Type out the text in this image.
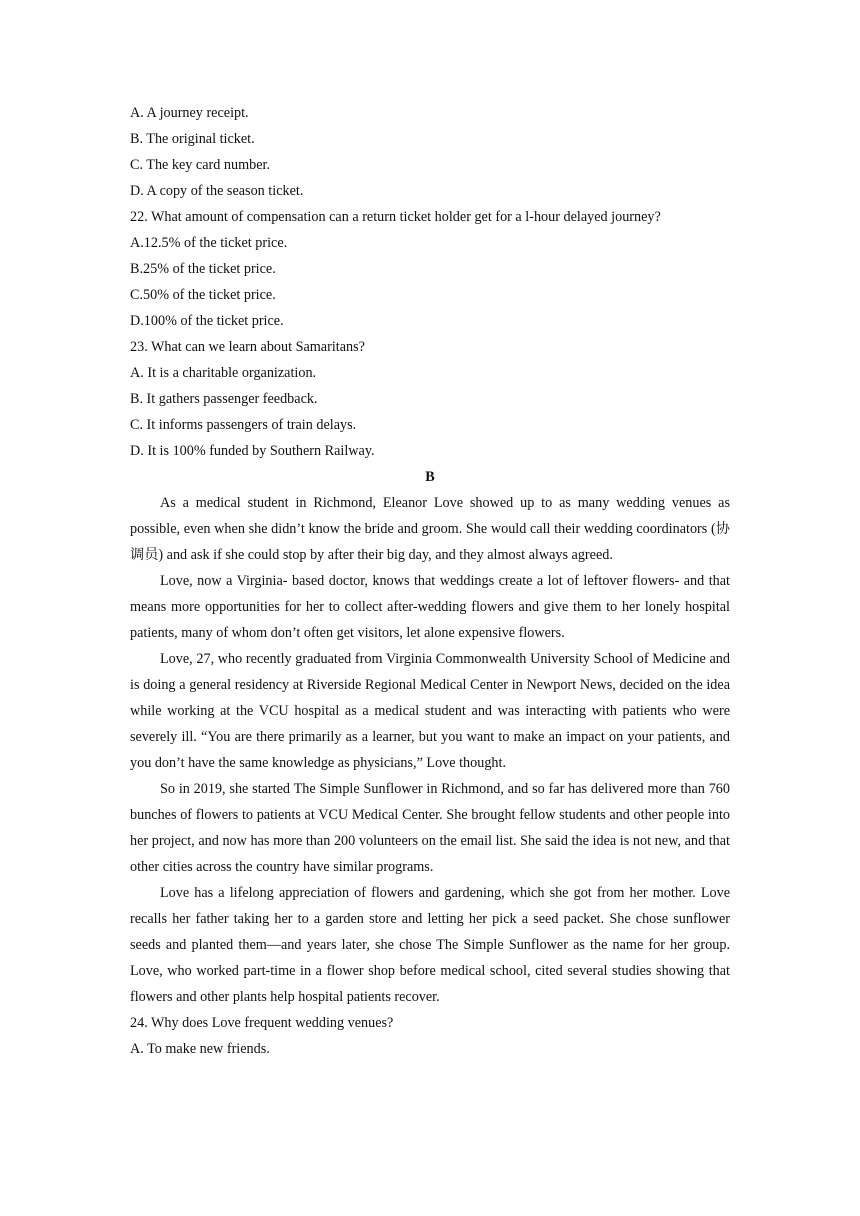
A. A journey receipt.

B. The original ticket.

C. The key card number.

D. A copy of the season ticket.

22. What amount of compensation can a return ticket holder get for a l-hour delayed journey?

A.12.5% of the ticket price.

B.25% of the ticket price.

C.50% of the ticket price.

D.100% of the ticket price.

23. What can we learn about Samaritans?

A. It is a charitable organization.

B. It gathers passenger feedback.

C. It informs passengers of train delays.

D. It is 100% funded by Southern Railway.

B

As a medical student in Richmond, Eleanor Love showed up to as many wedding venues as possible, even when she didn’t know the bride and groom. She would call their wedding coordinators (协调员) and ask if she could stop by after their big day, and they almost always agreed.

Love, now a Virginia- based doctor, knows that weddings create a lot of leftover flowers- and that means more opportunities for her to collect after-wedding flowers and give them to her lonely hospital patients, many of whom don’t often get visitors, let alone expensive flowers.

Love, 27, who recently graduated from Virginia Commonwealth University School of Medicine and is doing a general residency at Riverside Regional Medical Center in Newport News, decided on the idea while working at the VCU hospital as a medical student and was interacting with patients who were severely ill. “You are there primarily as a learner, but you want to make an impact on your patients, and you don’t have the same knowledge as physicians,” Love thought.

So in 2019, she started The Simple Sunflower in Richmond, and so far has delivered more than 760 bunches of flowers to patients at VCU Medical Center. She brought fellow students and other people into her project, and now has more than 200 volunteers on the email list. She said the idea is not new, and that other cities across the country have similar programs.

Love has a lifelong appreciation of flowers and gardening, which she got from her mother. Love recalls her father taking her to a garden store and letting her pick a seed packet. She chose sunflower seeds and planted them—and years later, she chose The Simple Sunflower as the name for her group. Love, who worked part-time in a flower shop before medical school, cited several studies showing that flowers and other plants help hospital patients recover.

24. Why does Love frequent wedding venues?

A. To make new friends.
